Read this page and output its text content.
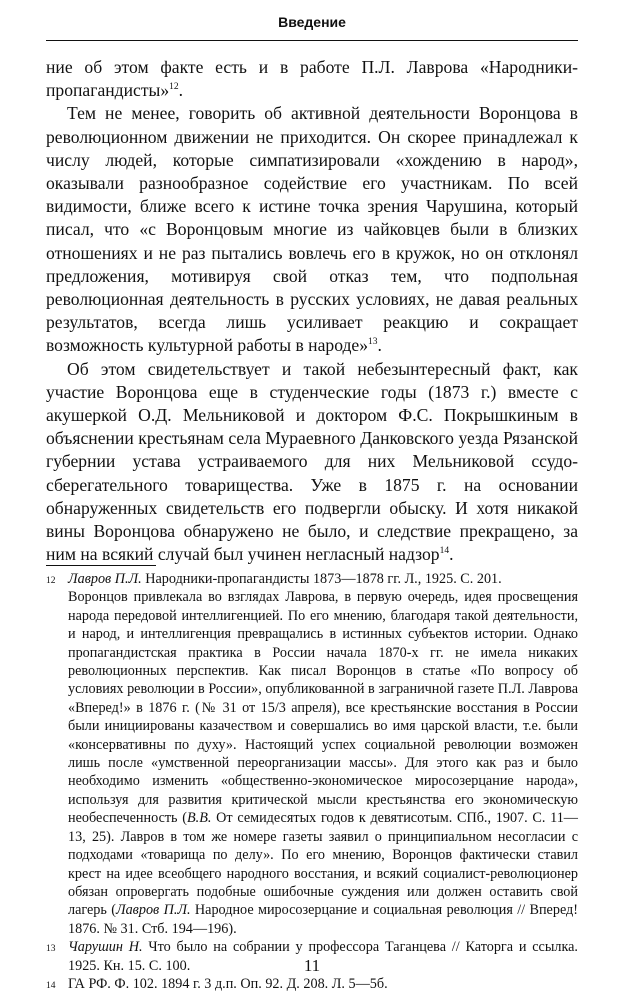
Введение

ние об этом факте есть и в работе П.Л. Лаврова «Народники-пропагандисты»$^{12}$.

Тем не менее, говорить об активной деятельности Воронцова в революционном движении не приходится. Он скорее принадлежал к числу людей, которые симпатизировали «хождению в народ», оказывали разнообразное содействие его участникам. По всей видимости, ближе всего к истине точка зрения Чарушина, который писал, что «с Воронцовым многие из чайковцев были в близких отношениях и не раз пытались вовлечь его в кружок, но он отклонял предложения, мотивируя свой отказ тем, что подпольная революционная деятельность в русских условиях, не давая реальных результатов, всегда лишь усиливает реакцию и сокращает возможность культурной работы в народе»$^{13}$.

Об этом свидетельствует и такой небезынтересный факт, как участие Воронцова еще в студенческие годы (1873 г.) вместе с акушеркой О.Д. Мельниковой и доктором Ф.С. Покрышкиным в объяснении крестьянам села Мураевного Данковского уезда Рязанской губернии устава устраиваемого для них Мельниковой ссудо-сберегательного товарищества. Уже в 1875 г. на основании обнаруженных свидетельств его подвергли обыску. И хотя никакой вины Воронцова обнаружено не было, и следствие прекращено, за ним на всякий случай был учинен негласный надзор$^{14}$.

12 Лавров П.Л. Народники-пропагандисты 1873—1878 гг. Л., 1925. С. 201.

Воронцов привлекала во взглядах Лаврова, в первую очередь, идея просвещения народа передовой интеллигенцией. По его мнению, благодаря такой деятельности, и народ, и интеллигенция превращались в истинных субъектов истории. Однако пропагандистская практика в России начала 1870-х гг. не имела никаких революционных перспектив. Как писал Воронцов в статье «По вопросу об условиях революции в России», опубликованной в заграничной газете П.Л. Лаврова «Вперед!» в 1876 г. (№ 31 от 15/3 апреля), все крестьянские восстания в России были инициированы казачеством и совершались во имя царской власти, т.е. были «консервативны по духу». Настоящий успех социальной революции возможен лишь после «умственной переорганизации массы». Для этого как раз и было необходимо изменить «общественно-экономическое миросозерцание народа», используя для развития критической мысли крестьянства его экономическую необеспеченность (В.В. От семидесятых годов к девятисотым. СПб., 1907. С. 11—13, 25). Лавров в том же номере газеты заявил о принципиальном несогласии с подходами «товарища по делу». По его мнению, Воронцов фактически ставил крест на идее всеобщего народного восстания, и всякий социалист-революционер обязан опровергать подобные ошибочные суждения или должен оставить свой лагерь (Лавров П.Л. Народное миросозерцание и социальная революция // Вперед! 1876. № 31. Стб. 194—196).

13 Чарушин Н. Что было на собрании у профессора Таганцева // Каторга и ссылка. 1925. Кн. 15. С. 100.

14 ГА РФ. Ф. 102. 1894 г. 3 д.п. Оп. 92. Д. 208. Л. 5—5б.

11
